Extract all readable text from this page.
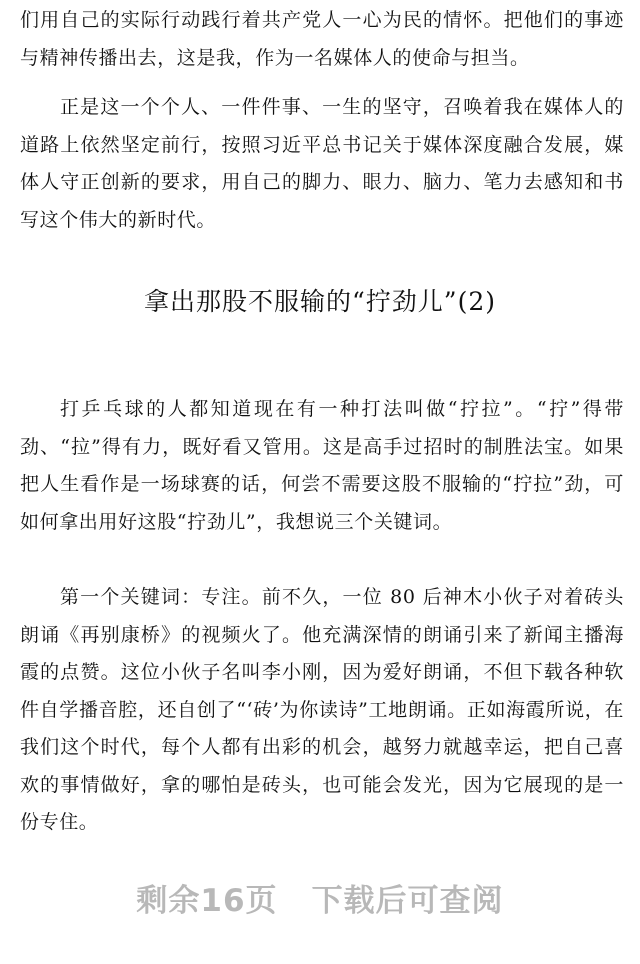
们用自己的实际行动践行着共产党人一心为民的情怀。把他们的事迹与精神传播出去，这是我，作为一名媒体人的使命与担当。

正是这一个个人、一件件事、一生的坚守，召唤着我在媒体人的道路上依然坚定前行，按照习近平总书记关于媒体深度融合发展，媒体人守正创新的要求，用自己的脚力、眼力、脑力、笔力去感知和书写这个伟大的新时代。

拿出那股不服输的“拧劲儿”(2)

打乒乓球的人都知道现在有一种打法叫做“拧拉”。“拧”得带劲、“拉”得有力，既好看又管用。这是高手过招时的制胜法宝。如果把人生看作是一场球赛的话，何尝不需要这股不服输的“拧拉”劲，可如何拿出用好这股“拧劲儿”，我想说三个关键词。

第一个关键词：专注。前不久，一位 80 后神木小伙子对着砖头朗诵《再别康桥》的视频火了。他充满深情的朗诵引来了新闻主播海霞的点赞。这位小伙子名叫李小刚，因为爱好朗诵，不但下载各种软件自学播音腔，还自创了“‘砖’为你读诗”工地朗诵。正如海霞所说，在我们这个时代，每个人都有出彩的机会，越努力就越幸运，把自己喜欢的事情做好，拿的哪怕是砖头，也可能会发光，因为它展现的是一份专住。

剩余16页 下载后可查阅
